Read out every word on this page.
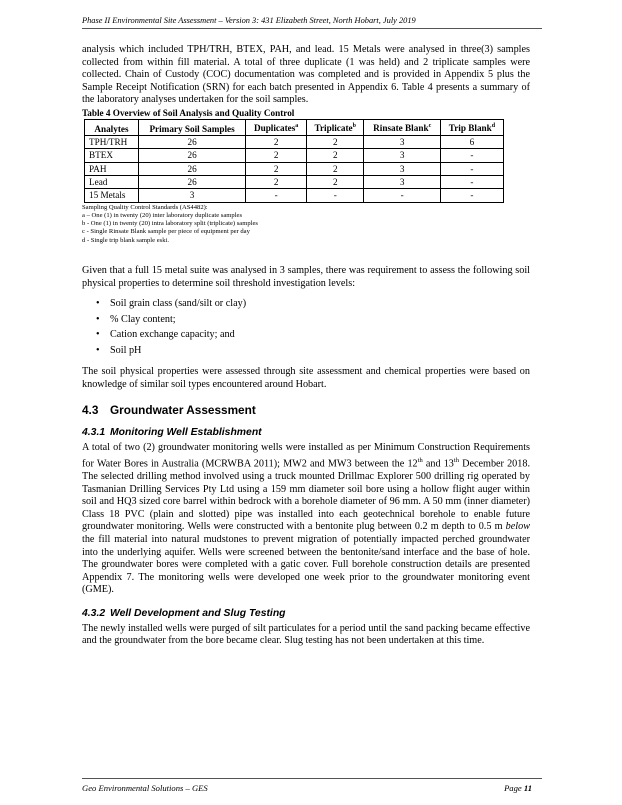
Phase II Environmental Site Assessment – Version 3: 431 Elizabeth Street, North Hobart, July 2019

analysis which included TPH/TRH, BTEX, PAH, and lead. 15 Metals were analysed in three(3) samples collected from within fill material. A total of three duplicate (1 was held) and 2 triplicate samples were collected. Chain of Custody (COC) documentation was completed and is provided in Appendix 5 plus the Sample Receipt Notification (SRN) for each batch presented in Appendix 6. Table 4 presents a summary of the laboratory analyses undertaken for the soil samples.

Table 4 Overview of Soil Analysis and Quality Control
Analytes	Primary Soil Samples	Duplicates$^a$	Triplicate$^b$	Rinsate Blank$^c$	Trip Blank$^d$
TPH/TRH	26	2	2	3	6
BTEX	26	2	2	3	-
PAH	26	2	2	3	-
Lead	26	2	2	3	-
15 Metals	3	-	-	-	-
Sampling Quality Control Standards (AS4482):
a – One (1) in twenty (20) inter laboratory duplicate samples
b - One (1) in twenty (20) intra laboratory split (triplicate) samples
c - Single Rinsate Blank sample per piece of equipment per day
d - Single trip blank sample eski.

Given that a full 15 metal suite was analysed in 3 samples, there was requirement to assess the following soil physical properties to determine soil threshold investigation levels:

• Soil grain class (sand/silt or clay)
• % Clay content;
• Cation exchange capacity; and
• Soil pH

The soil physical properties were assessed through site assessment and chemical properties were based on knowledge of similar soil types encountered around Hobart.

4.3 Groundwater Assessment
4.3.1 Monitoring Well Establishment

A total of two (2) groundwater monitoring wells were installed as per Minimum Construction Requirements for Water Bores in Australia (MCRWBA 2011); MW2 and MW3 between the 12th and 13th December 2018. The selected drilling method involved using a truck mounted Drillmac Explorer 500 drilling rig operated by Tasmanian Drilling Services Pty Ltd using a 159 mm diameter soil bore using a hollow flight auger within soil and HQ3 sized core barrel within bedrock with a borehole diameter of 96 mm. A 50 mm (inner diameter) Class 18 PVC (plain and slotted) pipe was installed into each geotechnical borehole to enable future groundwater monitoring. Wells were constructed with a bentonite plug between 0.2 m depth to 0.5 m below the fill material into natural mudstones to prevent migration of potentially impacted perched groundwater into the underlying aquifer. Wells were screened between the bentonite/sand interface and the base of hole. The groundwater bores were completed with a gatic cover. Full borehole construction details are presented Appendix 7. The monitoring wells were developed one week prior to the groundwater monitoring event (GME).

4.3.2 Well Development and Slug Testing

The newly installed wells were purged of silt particulates for a period until the sand packing became effective and the groundwater from the bore became clear. Slug testing has not been undertaken at this time.

Geo Environmental Solutions – GES	Page 11
